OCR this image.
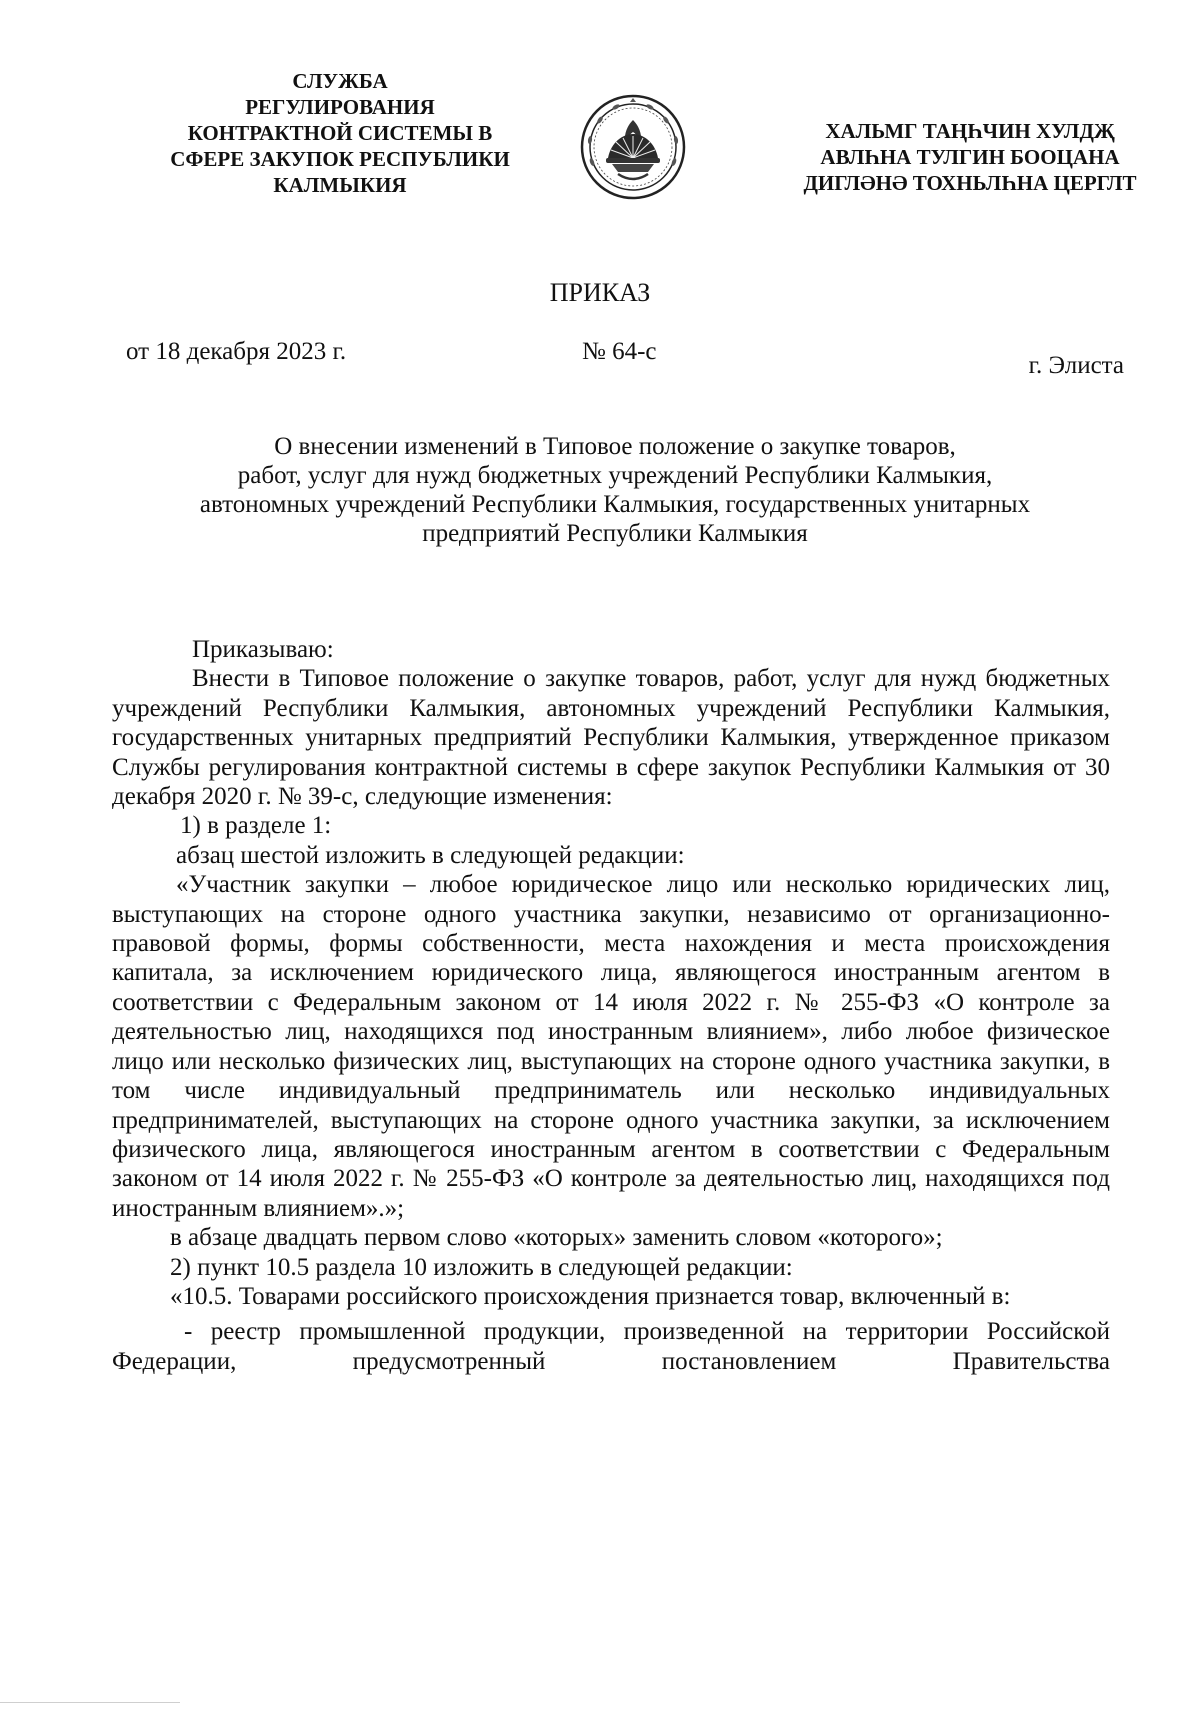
СЛУЖБА
РЕГУЛИРОВАНИЯ
КОНТРАКТНОЙ СИСТЕМЫ В
СФЕРЕ ЗАКУПОК РЕСПУБЛИКИ
КАЛМЫКИЯ
ХАЛЬМГ ТАҢҺЧИН ХУЛДҖ
АВЛҺНА ТУЛГИН БООЦАНА
ДИГЛӘНӘ ТОХНЬЛҺНА ЦЕРГЛТ
ПРИКАЗ
от 18 декабря 2023 г.	№ 64-с
г. Элиста
О внесении изменений в Типовое положение о закупке товаров,
работ, услуг для нужд бюджетных учреждений Республики Калмыкия,
автономных учреждений Республики Калмыкия, государственных унитарных
предприятий Республики Калмыкия

Приказываю:

Внести в Типовое положение о закупке товаров, работ, услуг для нужд бюджетных учреждений Республики Калмыкия, автономных учреждений Республики Калмыкия, государственных унитарных предприятий Республики Калмыкия, утвержденное приказом Службы регулирования контрактной системы в сфере закупок Республики Калмыкия от 30 декабря 2020 г. № 39-с, следующие изменения:

1) в разделе 1:

абзац шестой изложить в следующей редакции:

«Участник закупки – любое юридическое лицо или несколько юридических лиц, выступающих на стороне одного участника закупки, независимо от организационно-правовой формы, формы собственности, места нахождения и места происхождения капитала, за исключением юридического лица, являющегося иностранным агентом в соответствии с Федеральным законом от 14 июля 2022 г. № 255-ФЗ «О контроле за деятельностью лиц, находящихся под иностранным влиянием», либо любое физическое лицо или несколько физических лиц, выступающих на стороне одного участника закупки, в том числе индивидуальный предприниматель или несколько индивидуальных предпринимателей, выступающих на стороне одного участника закупки, за исключением физического лица, являющегося иностранным агентом в соответствии с Федеральным законом от 14 июля 2022 г. № 255-ФЗ «О контроле за деятельностью лиц, находящихся под иностранным влиянием».»;

в абзаце двадцать первом слово «которых» заменить словом «которого»;

2) пункт 10.5 раздела 10 изложить в следующей редакции:

«10.5. Товарами российского происхождения признается товар, включенный в:

- реестр промышленной продукции, произведенной на территории Российской Федерации, предусмотренный постановлением Правительства
